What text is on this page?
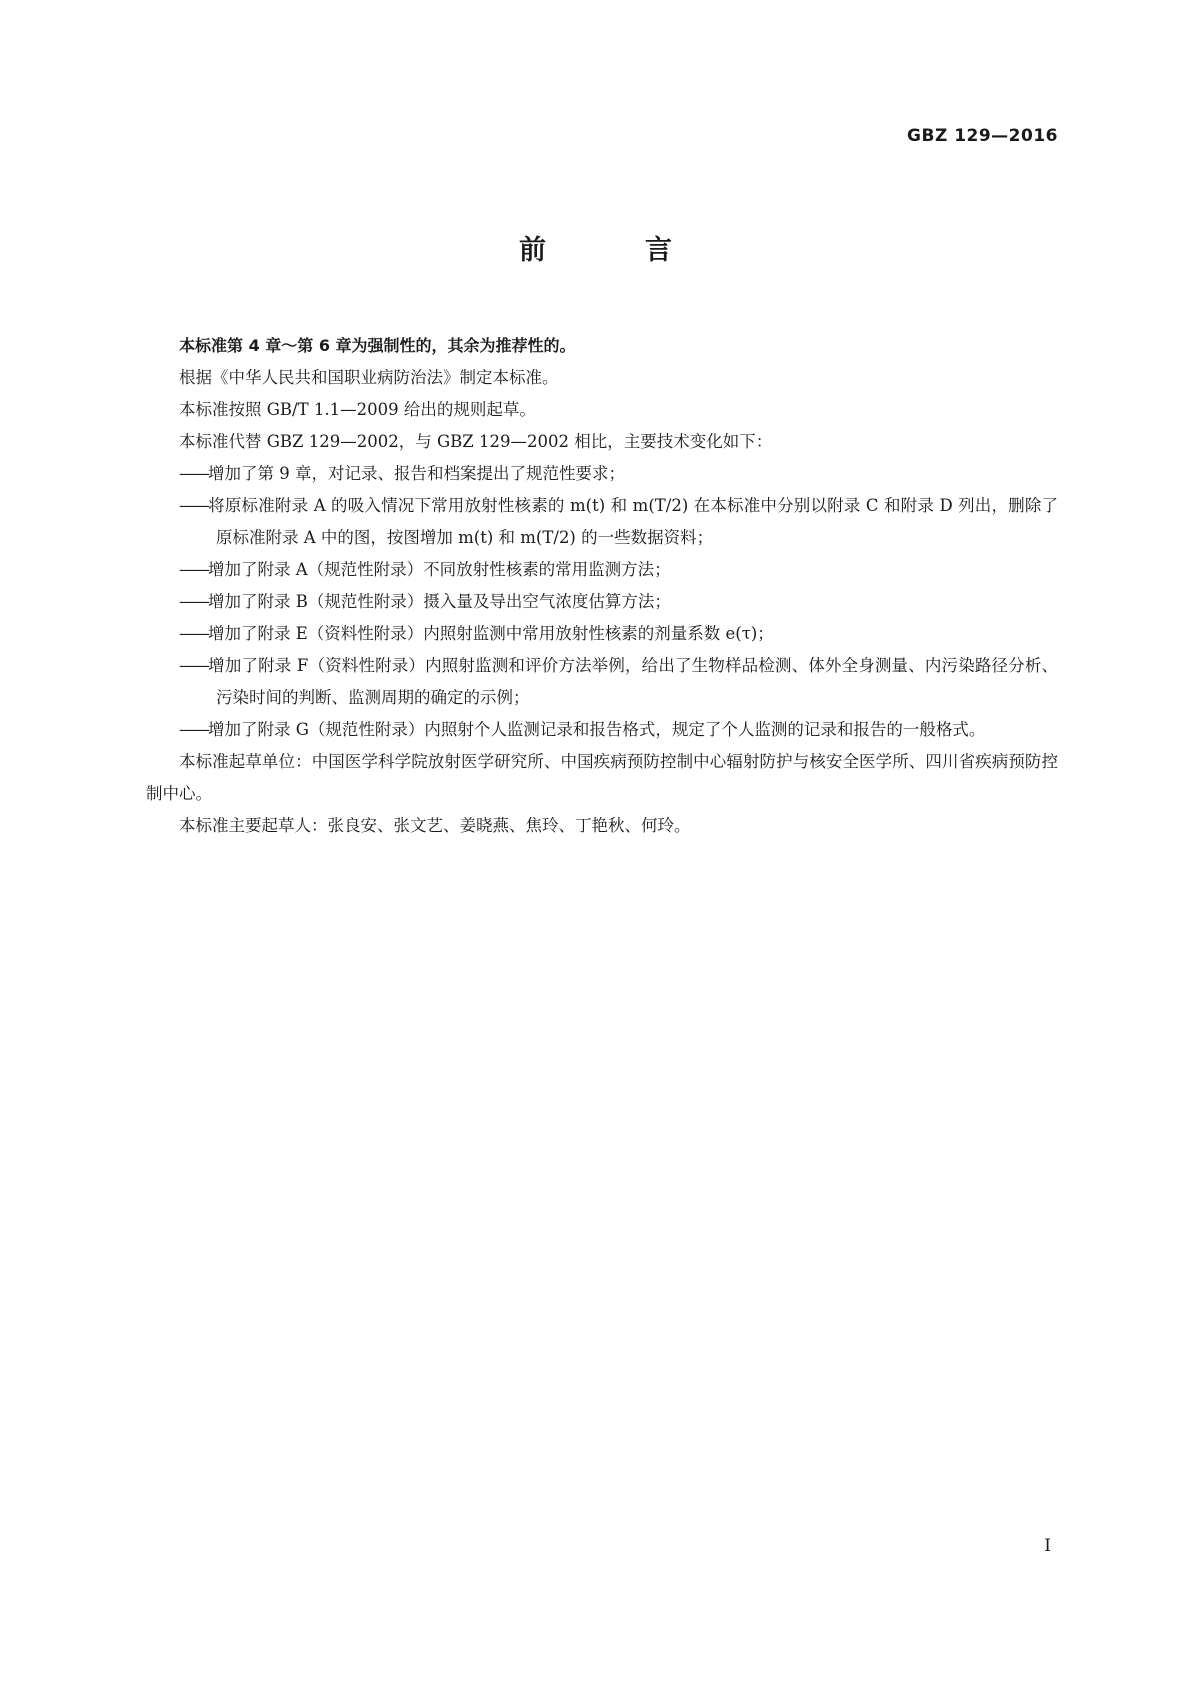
GBZ 129—2016
前　言

本标准第 4 章～第 6 章为强制性的，其余为推荐性的。

根据《中华人民共和国职业病防治法》制定本标准。

本标准按照 GB/T 1.1—2009 给出的规则起草。

本标准代替 GBZ 129—2002，与 GBZ 129—2002 相比，主要技术变化如下：

——增加了第 9 章，对记录、报告和档案提出了规范性要求；

——将原标准附录 A 的吸入情况下常用放射性核素的 m(t) 和 m(T/2) 在本标准中分别以附录 C 和附录 D 列出，删除了原标准附录 A 中的图，按图增加 m(t) 和 m(T/2) 的一些数据资料；

——增加了附录 A（规范性附录）不同放射性核素的常用监测方法；

——增加了附录 B（规范性附录）摄入量及导出空气浓度估算方法；

——增加了附录 E（资料性附录）内照射监测中常用放射性核素的剂量系数 e(τ)；

——增加了附录 F（资料性附录）内照射监测和评价方法举例，给出了生物样品检测、体外全身测量、内污染路径分析、污染时间的判断、监测周期的确定的示例；

——增加了附录 G（规范性附录）内照射个人监测记录和报告格式，规定了个人监测的记录和报告的一般格式。

本标准起草单位：中国医学科学院放射医学研究所、中国疾病预防控制中心辐射防护与核安全医学所、四川省疾病预防控制中心。

本标准主要起草人：张良安、张文艺、姜晓燕、焦玲、丁艳秋、何玲。

I
